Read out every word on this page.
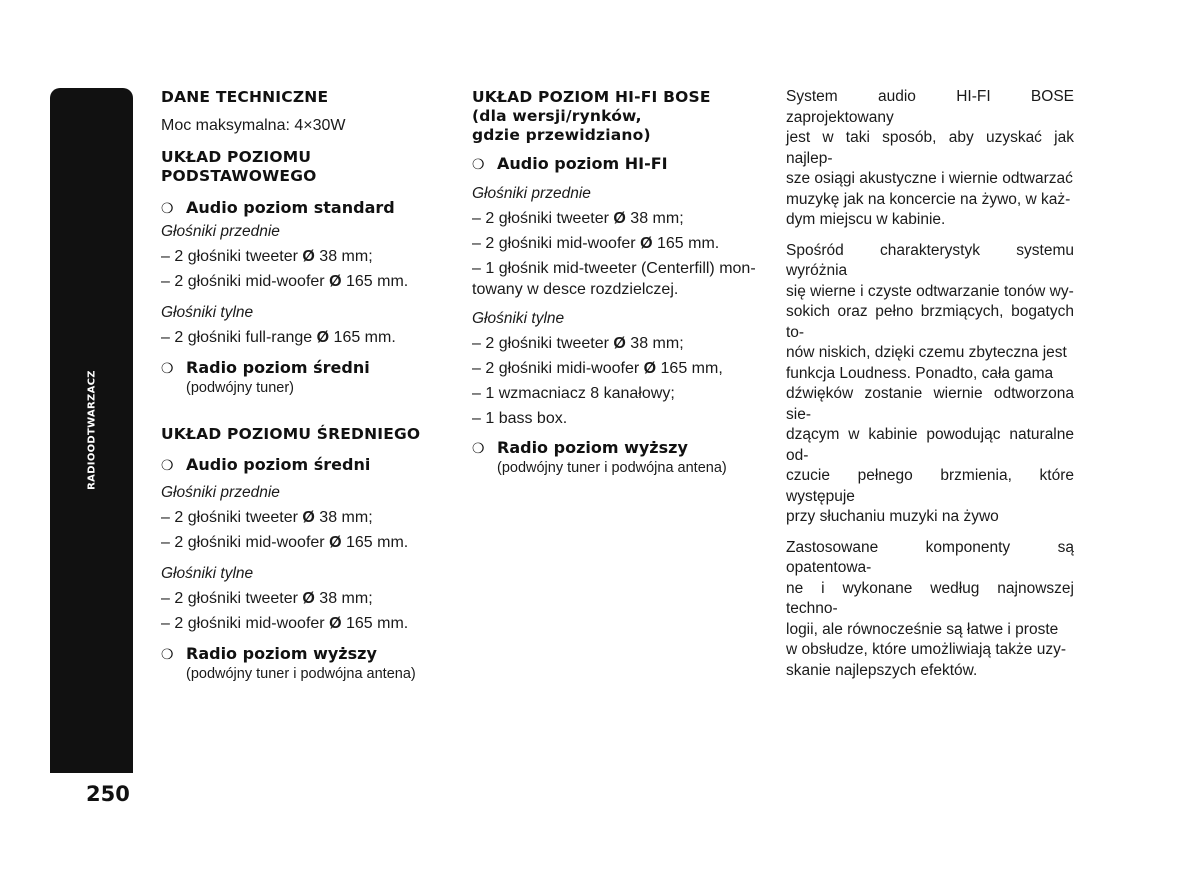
RADIOODTWARZACZ
250
DANE TECHNICZNE
Moc maksymalna: 4×30W
UKŁAD POZIOMU
PODSTAWOWEGO
❍ Audio poziom standard
Głośniki przednie
– 2 głośniki tweeter Ø 38 mm;
– 2 głośniki mid-woofer Ø 165 mm.
Głośniki tylne
– 2 głośniki full-range Ø 165 mm.
❍ Radio poziom średni
(podwójny tuner)
UKŁAD POZIOMU ŚREDNIEGO
❍ Audio poziom średni
Głośniki przednie
– 2 głośniki tweeter Ø 38 mm;
– 2 głośniki mid-woofer Ø 165 mm.
Głośniki tylne
– 2 głośniki tweeter Ø 38 mm;
– 2 głośniki mid-woofer Ø 165 mm.
❍ Radio poziom wyższy
(podwójny tuner i podwójna antena)
UKŁAD POZIOM HI-FI BOSE
(dla wersji/rynków,
gdzie przewidziano)
❍ Audio poziom HI-FI
Głośniki przednie
– 2 głośniki tweeter Ø 38 mm;
– 2 głośniki mid-woofer Ø 165 mm.
– 1 głośnik mid-tweeter (Centerfill) mon-
towany w desce rozdzielczej.
Głośniki tylne
– 2 głośniki tweeter Ø 38 mm;
– 2 głośniki midi-woofer Ø 165 mm,
– 1 wzmacniacz 8 kanałowy;
– 1 bass box.
❍ Radio poziom wyższy
(podwójny tuner i podwójna antena)
System audio HI-FI BOSE zaprojektowany
jest w taki sposób, aby uzyskać jak najlep-
sze osiągi akustyczne i wiernie odtwarzać
muzykę jak na koncercie na żywo, w każ-
dym miejscu w kabinie.
Spośród charakterystyk systemu wyróżnia
się wierne i czyste odtwarzanie tonów wy-
sokich oraz pełno brzmiących, bogatych to-
nów niskich, dzięki czemu zbyteczna jest
funkcja Loudness. Ponadto, cała gama
dźwięków zostanie wiernie odtworzona sie-
dzącym w kabinie powodując naturalne od-
czucie pełnego brzmienia, które występuje
przy słuchaniu muzyki na żywo
Zastosowane komponenty są opatentowa-
ne i wykonane według najnowszej techno-
logii, ale równocześnie są łatwe i proste
w obsłudze, które umożliwiają także uzy-
skanie najlepszych efektów.
